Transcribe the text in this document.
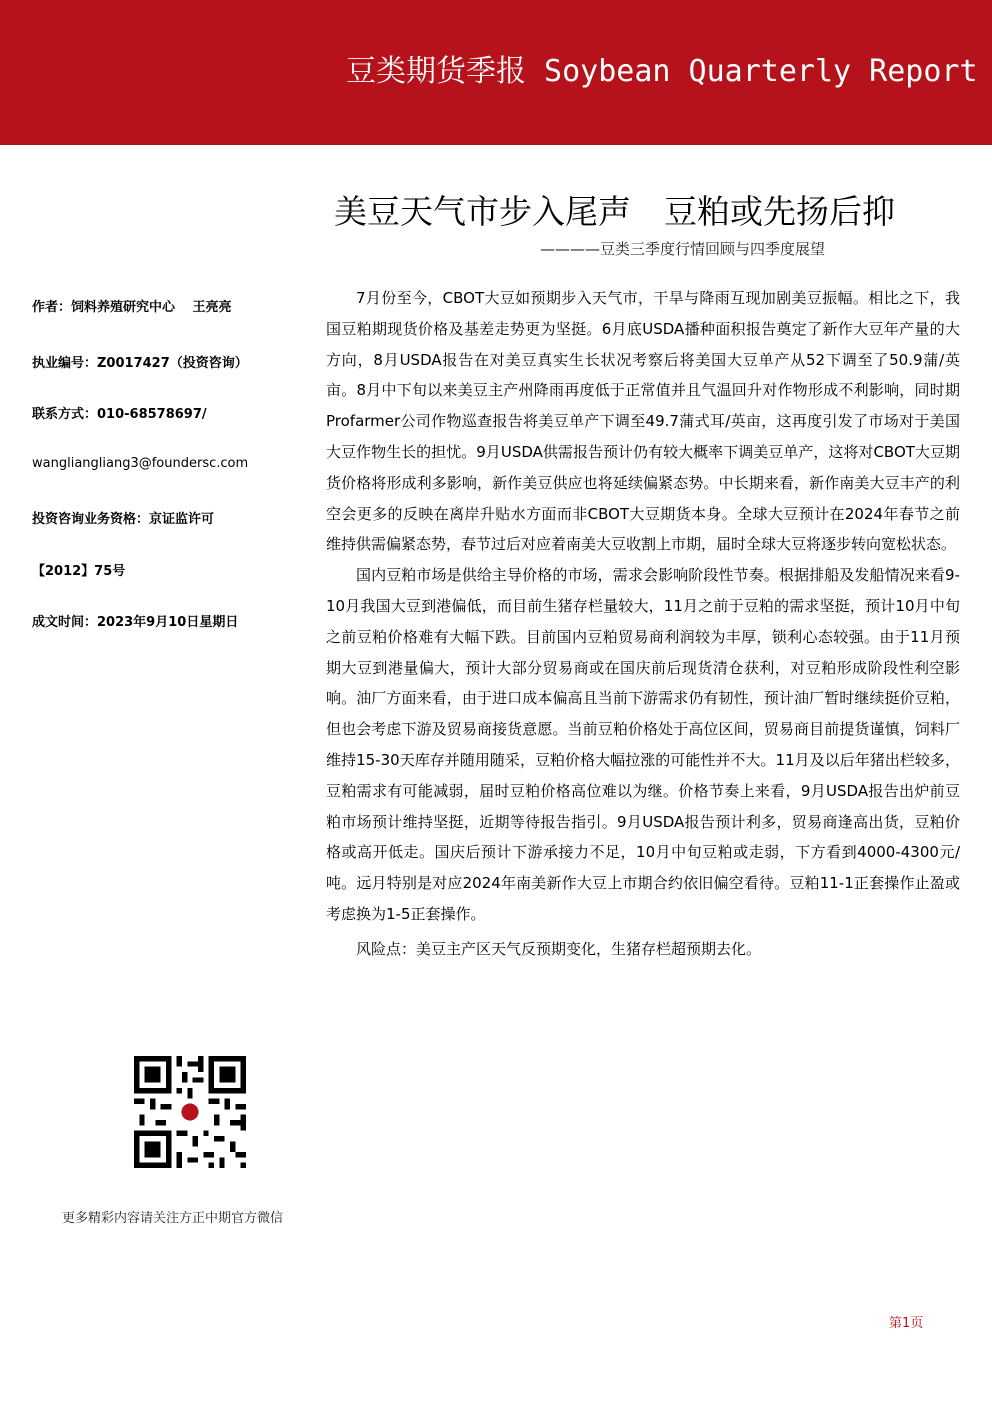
豆类期货季报 Soybean Quarterly Report
美豆天气市步入尾声　豆粕或先扬后抑
————豆类三季度行情回顾与四季度展望
作者：饲料养殖研究中心　 王亮亮
执业编号：Z0017427（投资咨询）
联系方式：010-68578697/
wangliangliang3@foundersc.com
投资咨询业务资格：京证监许可
【2012】75号
成文时间：2023年9月10日星期日
更多精彩内容请关注方正中期官方微信

7月份至今，CBOT大豆如预期步入天气市，干旱与降雨互现加剧美豆振幅。相比之下，我国豆粕期现货价格及基差走势更为坚挺。6月底USDA播种面积报告奠定了新作大豆年产量的大方向，8月USDA报告在对美豆真实生长状况考察后将美国大豆单产从52下调至了50.9蒲/英亩。8月中下旬以来美豆主产州降雨再度低于正常值并且气温回升对作物形成不利影响，同时期Profarmer公司作物巡查报告将美豆单产下调至49.7蒲式耳/英亩，这再度引发了市场对于美国大豆作物生长的担忧。9月USDA供需报告预计仍有较大概率下调美豆单产，这将对CBOT大豆期货价格将形成利多影响，新作美豆供应也将延续偏紧态势。中长期来看，新作南美大豆丰产的利空会更多的反映在离岸升贴水方面而非CBOT大豆期货本身。全球大豆预计在2024年春节之前维持供需偏紧态势，春节过后对应着南美大豆收割上市期，届时全球大豆将逐步转向宽松状态。

国内豆粕市场是供给主导价格的市场，需求会影响阶段性节奏。根据排船及发船情况来看9-10月我国大豆到港偏低，而目前生猪存栏量较大，11月之前于豆粕的需求坚挺，预计10月中旬之前豆粕价格难有大幅下跌。目前国内豆粕贸易商利润较为丰厚，锁利心态较强。由于11月预期大豆到港量偏大，预计大部分贸易商或在国庆前后现货清仓获利，对豆粕形成阶段性利空影响。油厂方面来看，由于进口成本偏高且当前下游需求仍有韧性，预计油厂暂时继续挺价豆粕，但也会考虑下游及贸易商接货意愿。当前豆粕价格处于高位区间，贸易商目前提货谨慎，饲料厂维持15-30天库存并随用随采，豆粕价格大幅拉涨的可能性并不大。11月及以后年猪出栏较多，豆粕需求有可能减弱，届时豆粕价格高位难以为继。价格节奏上来看，9月USDA报告出炉前豆粕市场预计维持坚挺，近期等待报告指引。9月USDA报告预计利多，贸易商逢高出货，豆粕价格或高开低走。国庆后预计下游承接力不足，10月中旬豆粕或走弱，下方看到4000-4300元/吨。远月特别是对应2024年南美新作大豆上市期合约依旧偏空看待。豆粕11-1正套操作止盈或考虑换为1-5正套操作。

风险点：美豆主产区天气反预期变化，生猪存栏超预期去化。

第1页
